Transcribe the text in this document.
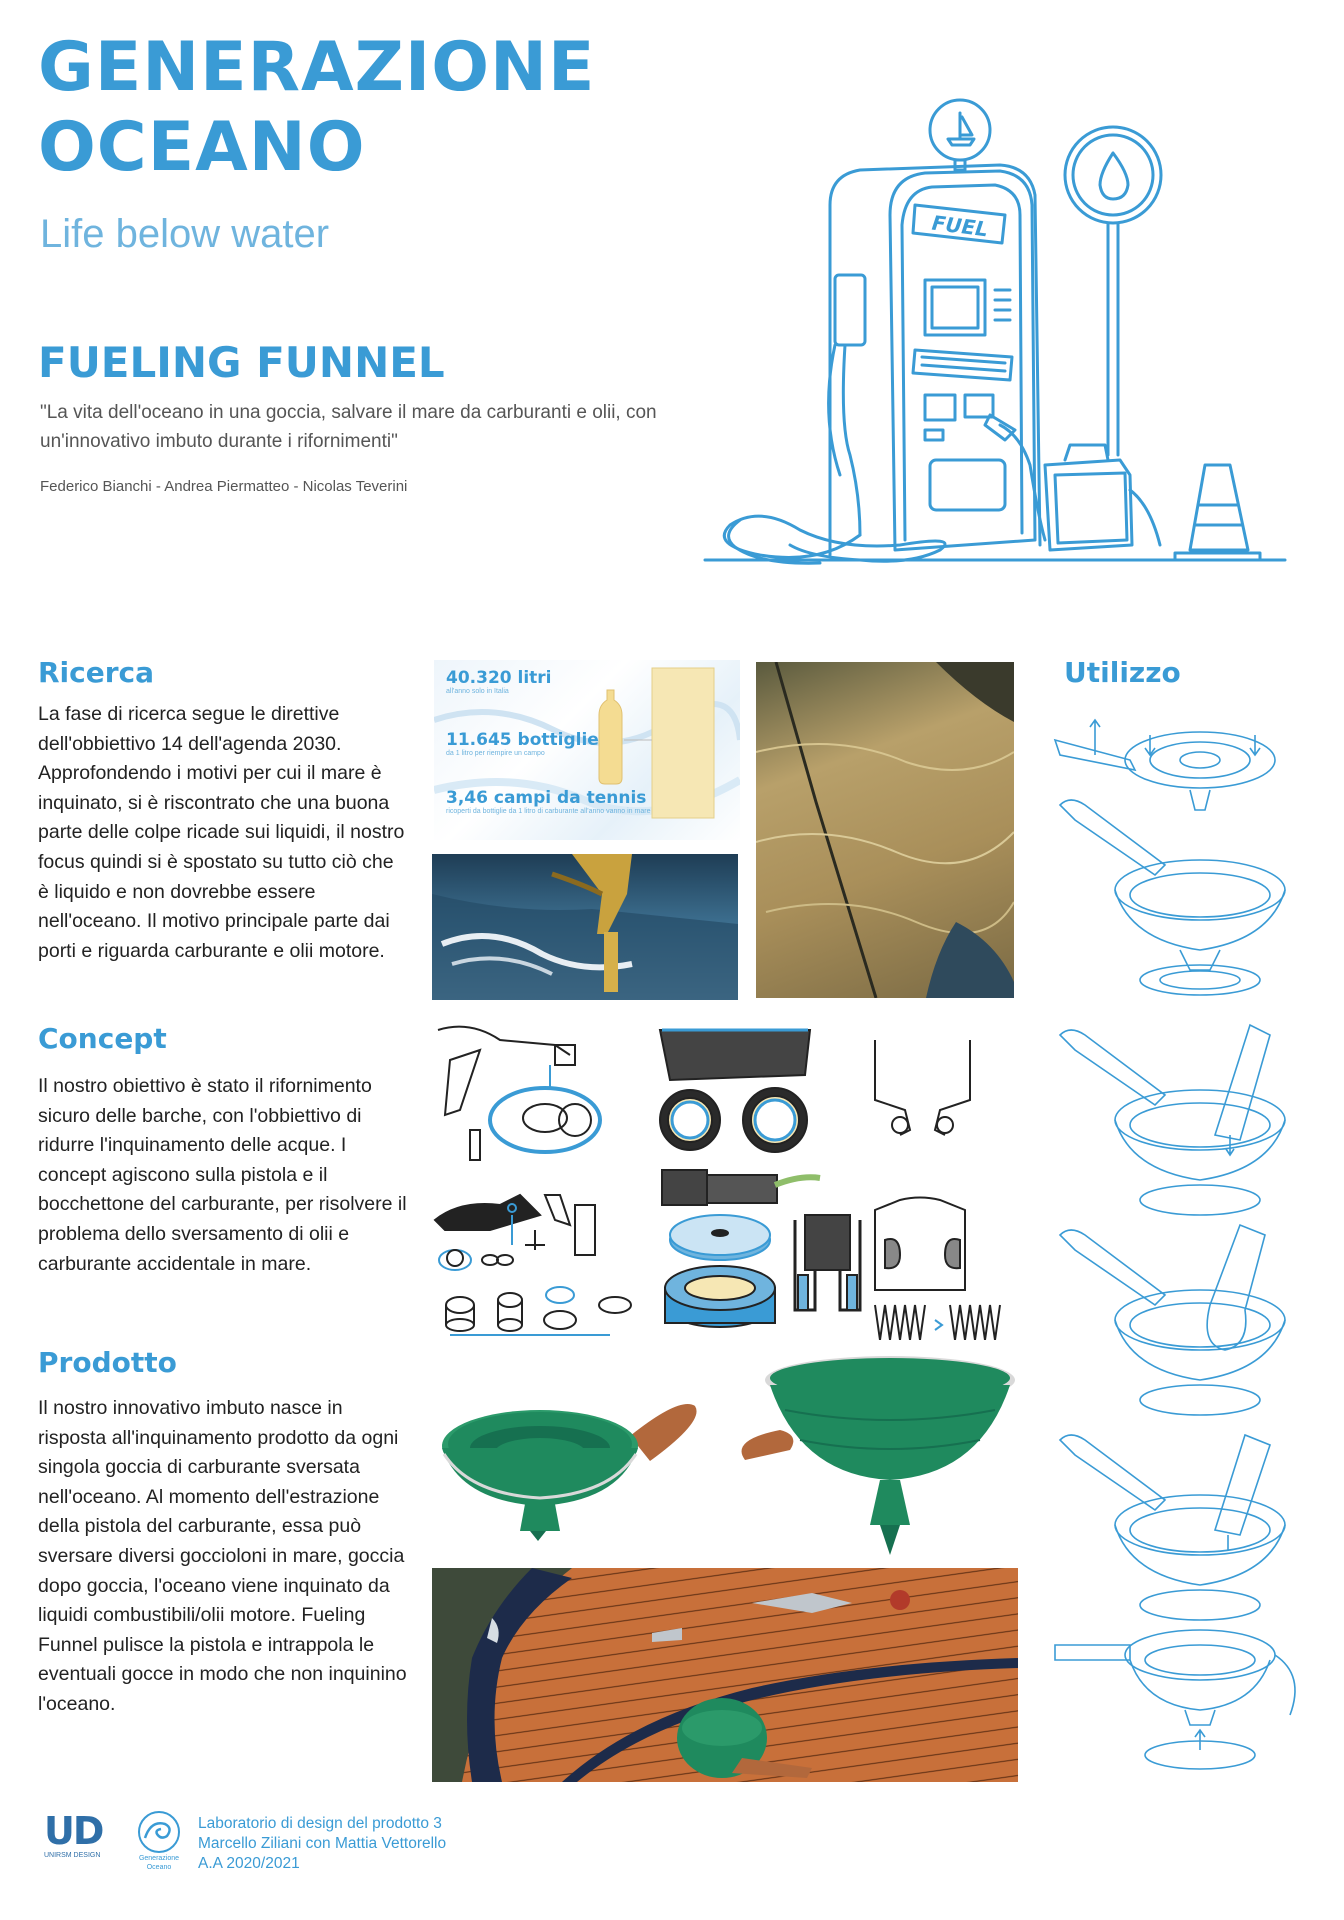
GENERAZIONE
OCEANO

Life below water

FUELING FUNNEL

"La vita dell'oceano in una goccia, salvare il mare da carburanti e olii, con un'innovativo imbuto durante i rifornimenti"

Federico Bianchi - Andrea Piermatteo - Nicolas Teverini
FUEL
Ricerca

La fase di ricerca segue le direttive dell'obbiettivo 14 dell'agenda 2030. Approfondendo i motivi per cui il mare è inquinato, si è riscontrato che una buona parte delle colpe ricade sui liquidi, il nostro focus quindi si è spostato su tutto ciò che è liquido e non dovrebbe essere nell'oceano. Il motivo principale parte dai porti e riguarda carburante e olii motore.

40.320 litri
all'anno solo in Italia
11.645 bottiglie
da 1 litro per riempire un campo
3,46 campi da tennis
ricoperti da bottiglie da 1 litro di carburante all'anno vanno in mare
Concept

Il nostro obiettivo è stato il rifornimento sicuro delle barche, con l'obbiettivo di ridurre l'inquinamento delle acque. I concept agiscono sulla pistola e il bocchettone del carburante, per risolvere il problema dello sversamento di olii e carburante accidentale in mare.

Prodotto

Il nostro innovativo imbuto nasce in risposta all'inquinamento prodotto da ogni singola goccia di carburante sversata nell'oceano. Al momento dell'estrazione della pistola del carburante, essa può sversare diversi goccioloni in mare, goccia dopo goccia, l'oceano viene inquinato da liquidi combustibili/olii motore. Fueling Funnel pulisce la pistola e intrappola le eventuali gocce in modo che non inquinino l'oceano.

Utilizzo
UD
UNIRSM DESIGN	Generazione Oceano
Laboratorio di design del prodotto 3
Marcello Ziliani con Mattia Vettorello
A.A 2020/2021
